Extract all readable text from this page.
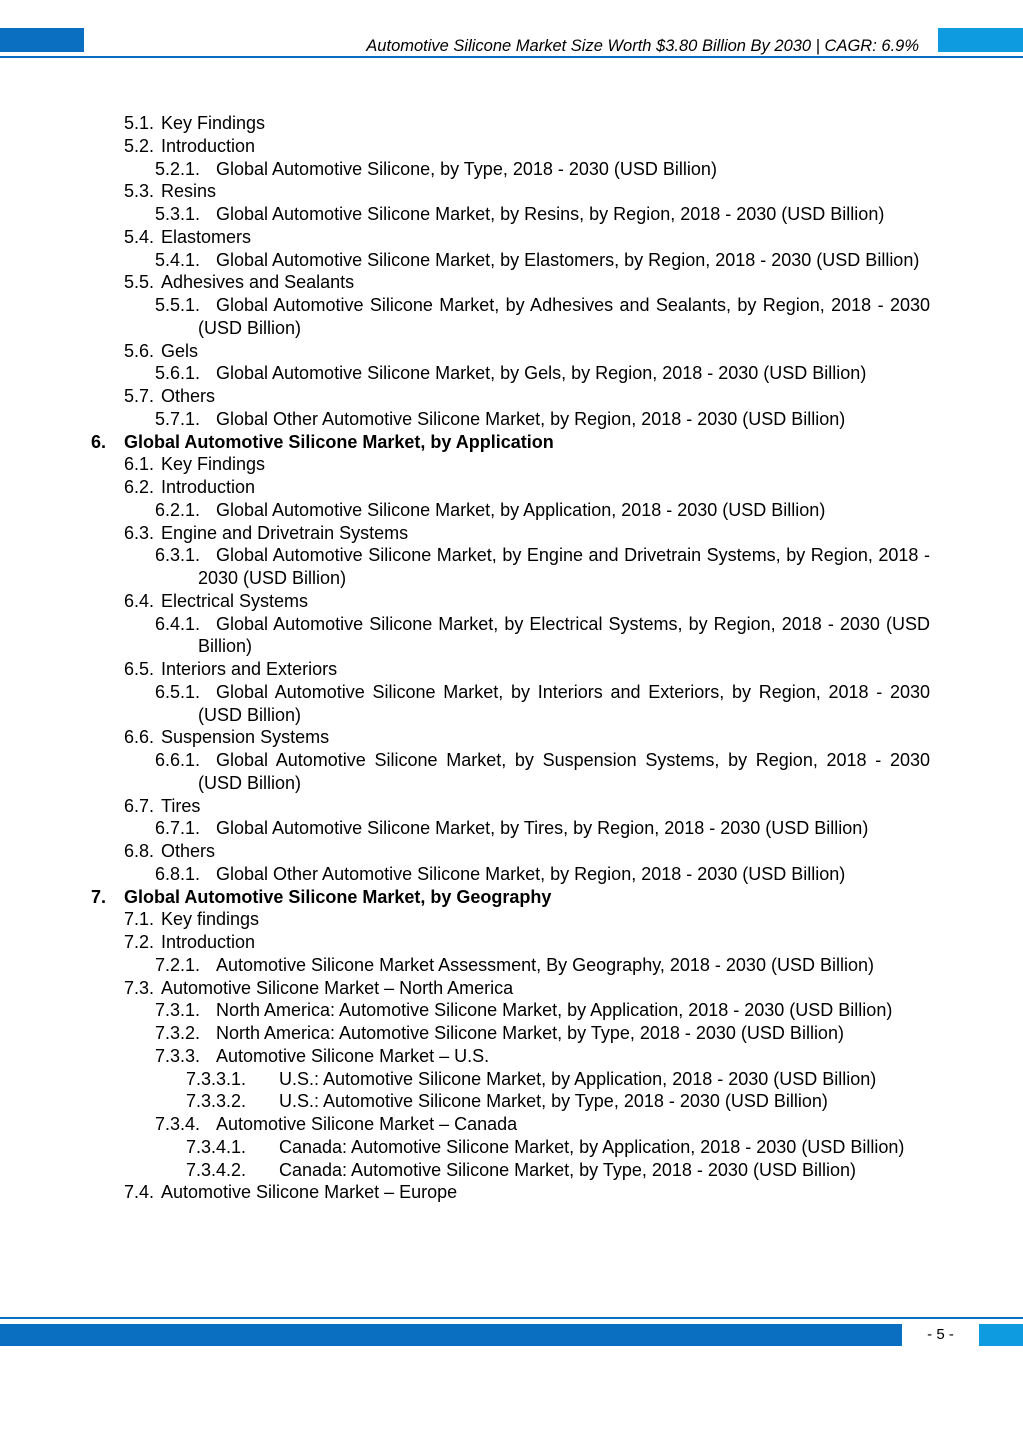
Automotive Silicone Market Size Worth $3.80 Billion By 2030 | CAGR: 6.9%
5.1. Key Findings
5.2. Introduction
5.2.1. Global Automotive Silicone, by Type, 2018 - 2030 (USD Billion)
5.3. Resins
5.3.1. Global Automotive Silicone Market, by Resins, by Region, 2018 - 2030 (USD Billion)
5.4. Elastomers
5.4.1. Global Automotive Silicone Market, by Elastomers, by Region, 2018 - 2030 (USD Billion)
5.5. Adhesives and Sealants
5.5.1. Global Automotive Silicone Market, by Adhesives and Sealants, by Region, 2018 - 2030 (USD Billion)
5.6. Gels
5.6.1. Global Automotive Silicone Market, by Gels, by Region, 2018 - 2030 (USD Billion)
5.7. Others
5.7.1. Global Other Automotive Silicone Market, by Region, 2018 - 2030 (USD Billion)
6. Global Automotive Silicone Market, by Application
6.1. Key Findings
6.2. Introduction
6.2.1. Global Automotive Silicone Market, by Application, 2018 - 2030 (USD Billion)
6.3. Engine and Drivetrain Systems
6.3.1. Global Automotive Silicone Market, by Engine and Drivetrain Systems, by Region, 2018 - 2030 (USD Billion)
6.4. Electrical Systems
6.4.1. Global Automotive Silicone Market, by Electrical Systems, by Region, 2018 - 2030 (USD Billion)
6.5. Interiors and Exteriors
6.5.1. Global Automotive Silicone Market, by Interiors and Exteriors, by Region, 2018 - 2030 (USD Billion)
6.6. Suspension Systems
6.6.1. Global Automotive Silicone Market, by Suspension Systems, by Region, 2018 - 2030 (USD Billion)
6.7. Tires
6.7.1. Global Automotive Silicone Market, by Tires, by Region, 2018 - 2030 (USD Billion)
6.8. Others
6.8.1. Global Other Automotive Silicone Market, by Region, 2018 - 2030 (USD Billion)
7. Global Automotive Silicone Market, by Geography
7.1. Key findings
7.2. Introduction
7.2.1. Automotive Silicone Market Assessment, By Geography, 2018 - 2030 (USD Billion)
7.3. Automotive Silicone Market – North America
7.3.1. North America: Automotive Silicone Market, by Application, 2018 - 2030 (USD Billion)
7.3.2. North America: Automotive Silicone Market, by Type, 2018 - 2030 (USD Billion)
7.3.3. Automotive Silicone Market – U.S.
7.3.3.1.	U.S.: Automotive Silicone Market, by Application, 2018 - 2030 (USD Billion)
7.3.3.2.	U.S.: Automotive Silicone Market, by Type, 2018 - 2030 (USD Billion)
7.3.4. Automotive Silicone Market – Canada
7.3.4.1.	Canada: Automotive Silicone Market, by Application, 2018 - 2030 (USD Billion)
7.3.4.2.	Canada: Automotive Silicone Market, by Type, 2018 - 2030 (USD Billion)
7.4. Automotive Silicone Market – Europe
- 5 -
